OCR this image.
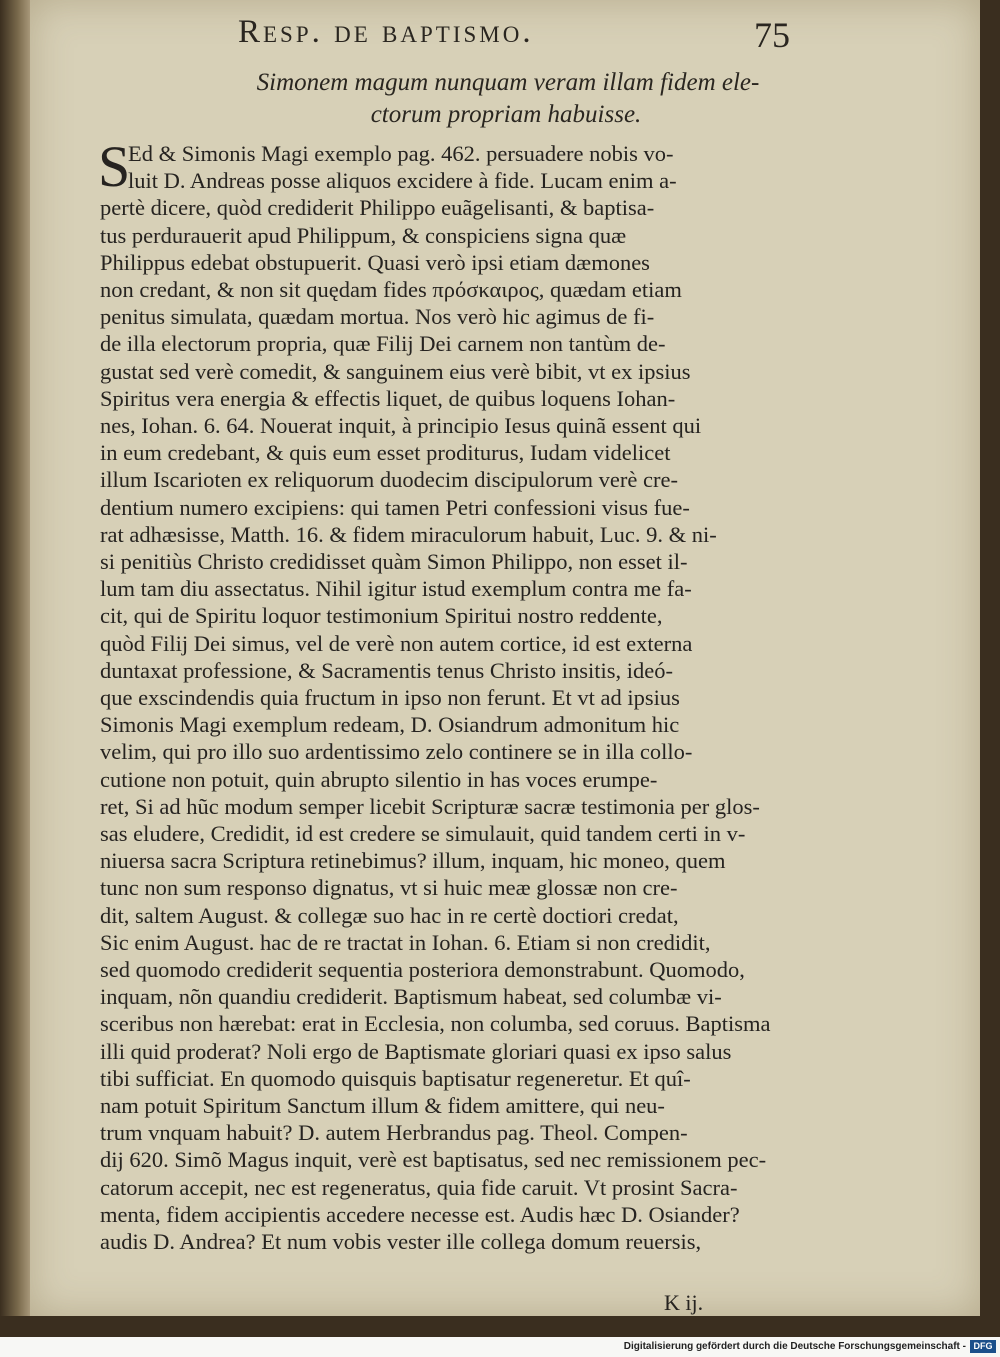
Resp. de baptismo.	75
Simonem magum nunquam veram illam fidem ele-
ctorum propriam habuisse.
S
Ed & Simonis Magi exemplo pag. 462. persuadere nobis vo-
luit D. Andreas posse aliquos excidere à fide. Lucam enim a-
pertè dicere, quòd crediderit Philippo euãgelisanti, & baptisa-
tus perdurauerit apud Philippum, & conspiciens signa quæ
Philippus edebat obstupuerit. Quasi verò ipsi etiam dæmones
non credant, & non sit quędam fides πρόσκαιρος, quædam etiam
penitus simulata, quædam mortua. Nos verò hic agimus de fi-
de illa electorum propria, quæ Filij Dei carnem non tantùm de-
gustat sed verè comedit, & sanguinem eius verè bibit, vt ex ipsius
Spiritus vera energia & effectis liquet, de quibus loquens Iohan-
nes, Iohan. 6. 64. Nouerat inquit, à principio Iesus quinã essent qui
in eum credebant, & quis eum esset proditurus, Iudam videlicet
illum Iscarioten ex reliquorum duodecim discipulorum verè cre-
dentium numero excipiens: qui tamen Petri confessioni visus fue-
rat adhæsisse, Matth. 16. & fidem miraculorum habuit, Luc. 9. & ni-
si penitiùs Christo credidisset quàm Simon Philippo, non esset il-
lum tam diu assectatus. Nihil igitur istud exemplum contra me fa-
cit, qui de Spiritu loquor testimonium Spiritui nostro reddente,
quòd Filij Dei simus, vel de verè non autem cortice, id est externa
duntaxat professione, & Sacramentis tenus Christo insitis, ideó-
que exscindendis quia fructum in ipso non ferunt. Et vt ad ipsius
Simonis Magi exemplum redeam, D. Osiandrum admonitum hic
velim, qui pro illo suo ardentissimo zelo continere se in illa collo-
cutione non potuit, quin abrupto silentio in has voces erumpe-
ret, Si ad hũc modum semper licebit Scripturæ sacræ testimonia per glos-
sas eludere, Credidit, id est credere se simulauit, quid tandem certi in v-
niuersa sacra Scriptura retinebimus? illum, inquam, hic moneo, quem
tunc non sum responso dignatus, vt si huic meæ glossæ non cre-
dit, saltem August. & collegæ suo hac in re certè doctiori credat,
Sic enim August. hac de re tractat in Iohan. 6. Etiam si non credidit,
sed quomodo crediderit sequentia posteriora demonstrabunt. Quomodo,
inquam, nõn quandiu crediderit. Baptismum habeat, sed columbæ vi-
sceribus non hærebat: erat in Ecclesia, non columba, sed coruus. Baptisma
illi quid proderat? Noli ergo de Baptismate gloriari quasi ex ipso salus
tibi sufficiat. En quomodo quisquis baptisatur regeneretur. Et quî-
nam potuit Spiritum Sanctum illum & fidem amittere, qui neu-
trum vnquam habuit? D. autem Herbrandus pag. Theol. Compen-
dij 620. Simõ Magus inquit, verè est baptisatus, sed nec remissionem pec-
catorum accepit, nec est regeneratus, quia fide caruit. Vt prosint Sacra-
menta, fidem accipientis accedere necesse est. Audis hæc D. Osiander?
audis D. Andrea? Et num vobis vester ille collega domum reuersis,
K ij.
Digitalisierung gefördert durch die Deutsche Forschungsgemeinschaft - DFG
